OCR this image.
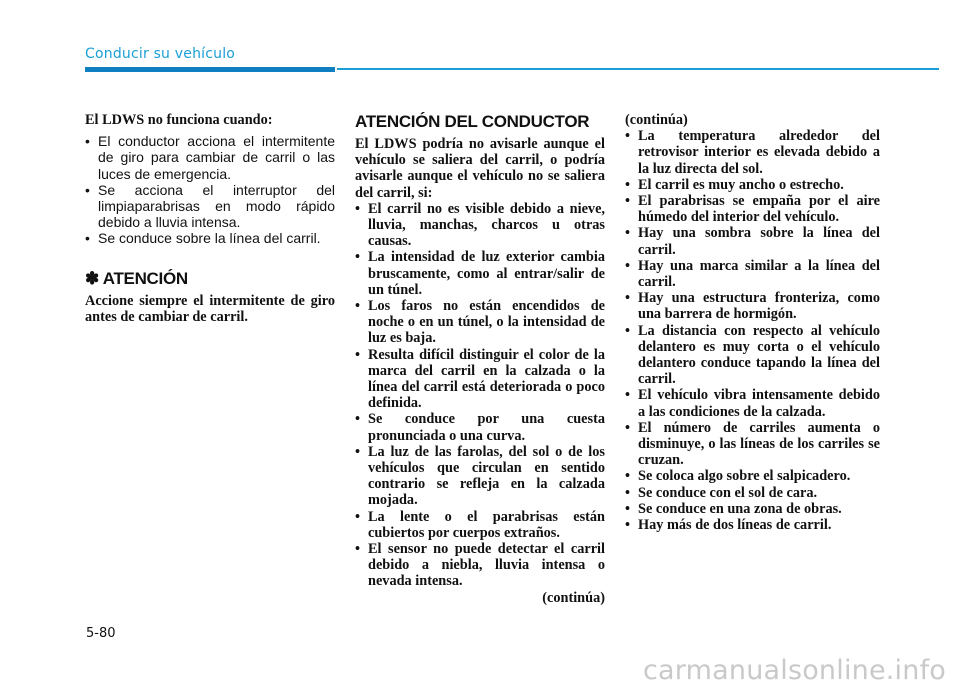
Conducir su vehículo

El LDWS no funciona cuando:

• El conductor acciona el intermitente de giro para cambiar de carril o las luces de emergencia.
• Se acciona el interruptor del limpiaparabrisas en modo rápido debido a lluvia intensa.
• Se conduce sobre la línea del carril.
✽ ATENCIÓN

Accione siempre el intermitente de giro antes de cambiar de carril.

ATENCIÓN DEL CONDUCTOR

El LDWS podría no avisarle aunque el vehículo se saliera del carril, o podría avisarle aunque el vehículo no se saliera del carril, si:

• El carril no es visible debido a nieve, lluvia, manchas, charcos u otras causas.
• La intensidad de luz exterior cambia bruscamente, como al entrar/salir de un túnel.
• Los faros no están encendidos de noche o en un túnel, o la intensidad de luz es baja.
• Resulta difícil distinguir el color de la marca del carril en la calzada o la línea del carril está deteriorada o poco definida.
• Se conduce por una cuesta pronunciada o una curva.
• La luz de las farolas, del sol o de los vehículos que circulan en sentido contrario se refleja en la calzada mojada.
• La lente o el parabrisas están cubiertos por cuerpos extraños.
• El sensor no puede detectar el carril debido a niebla, lluvia intensa o nevada intensa.

(continúa)

(continúa)

• La temperatura alrededor del retrovisor interior es elevada debido a la luz directa del sol.
• El carril es muy ancho o estrecho.
• El parabrisas se empaña por el aire húmedo del interior del vehículo.
• Hay una sombra sobre la línea del carril.
• Hay una marca similar a la línea del carril.
• Hay una estructura fronteriza, como una barrera de hormigón.
• La distancia con respecto al vehículo delantero es muy corta o el vehículo delantero conduce tapando la línea del carril.
• El vehículo vibra intensamente debido a las condiciones de la calzada.
• El número de carriles aumenta o disminuye, o las líneas de los carriles se cruzan.
• Se coloca algo sobre el salpicadero.
• Se conduce con el sol de cara.
• Se conduce en una zona de obras.
• Hay más de dos líneas de carril.
5-80
carmanualsonline.info
